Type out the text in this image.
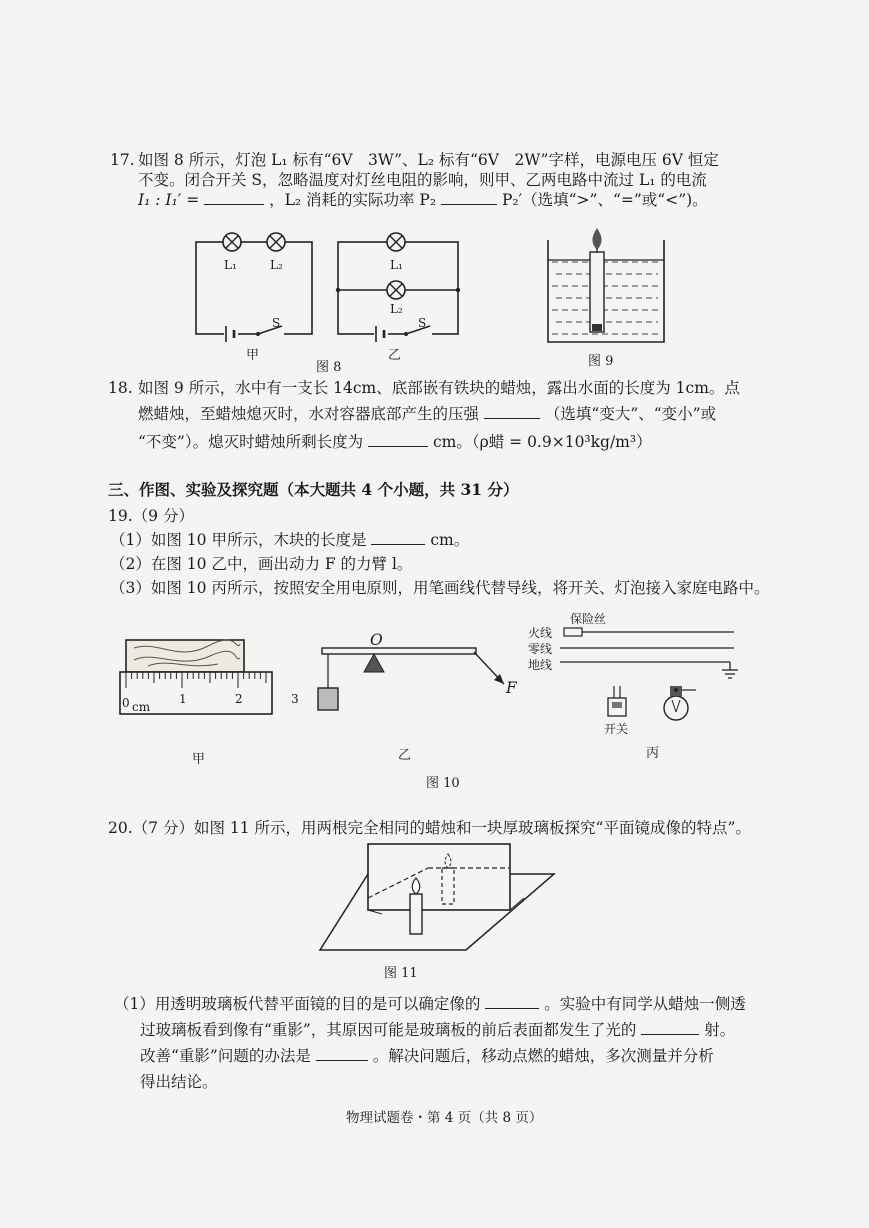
17. 如图 8 所示，灯泡 L₁ 标有“6V　3W”、L₂ 标有“6V　2W”字样，电源电压 6V 恒定
不变。闭合开关 S，忽略温度对灯丝电阻的影响，则甲、乙两电路中流过 L₁ 的电流
I₁ : I₁′ =	，L₂ 消耗的实际功率 P₂	P₂′（选填“>”、“=”或“<”)。
L₁	L₂
S
甲
L₁
L₂
S
图 8
乙	图 9
18. 如图 9 所示，水中有一支长 14cm、底部嵌有铁块的蜡烛，露出水面的长度为 1cm。点
燃蜡烛，至蜡烛熄灭时，水对容器底部产生的压强	（选填“变大”、“变小”或
“不变”）。熄灭时蜡烛所剩长度为	cm。（ρ蜡 = 0.9×10³kg/m³）
三、作图、实验及探究题（本大题共 4 个小题，共 31 分）
19.（9 分）
（1）如图 10 甲所示，木块的长度是	cm。
（2）在图 10 乙中，画出动力 F 的力臂 l。
（3）如图 10 丙所示，按照安全用电原则，用笔画线代替导线，将开关、灯泡接入家庭电路中。
0 cm
1	2
甲
O
F
乙
保险丝
火线
零线
地线
开关
丙
图 10
20.（7 分）如图 11 所示，用两根完全相同的蜡烛和一块厚玻璃板探究“平面镜成像的特点”。
图 11
（1）用透明玻璃板代替平面镜的目的是可以确定像的	。实验中有同学从蜡烛一侧透
过玻璃板看到像有“重影”，其原因可能是玻璃板的前后表面都发生了光的	射。
改善“重影”问题的办法是	。解决问题后，移动点燃的蜡烛，多次测量并分析
得出结论。
物理试题卷・第 4 页（共 8 页）
3
